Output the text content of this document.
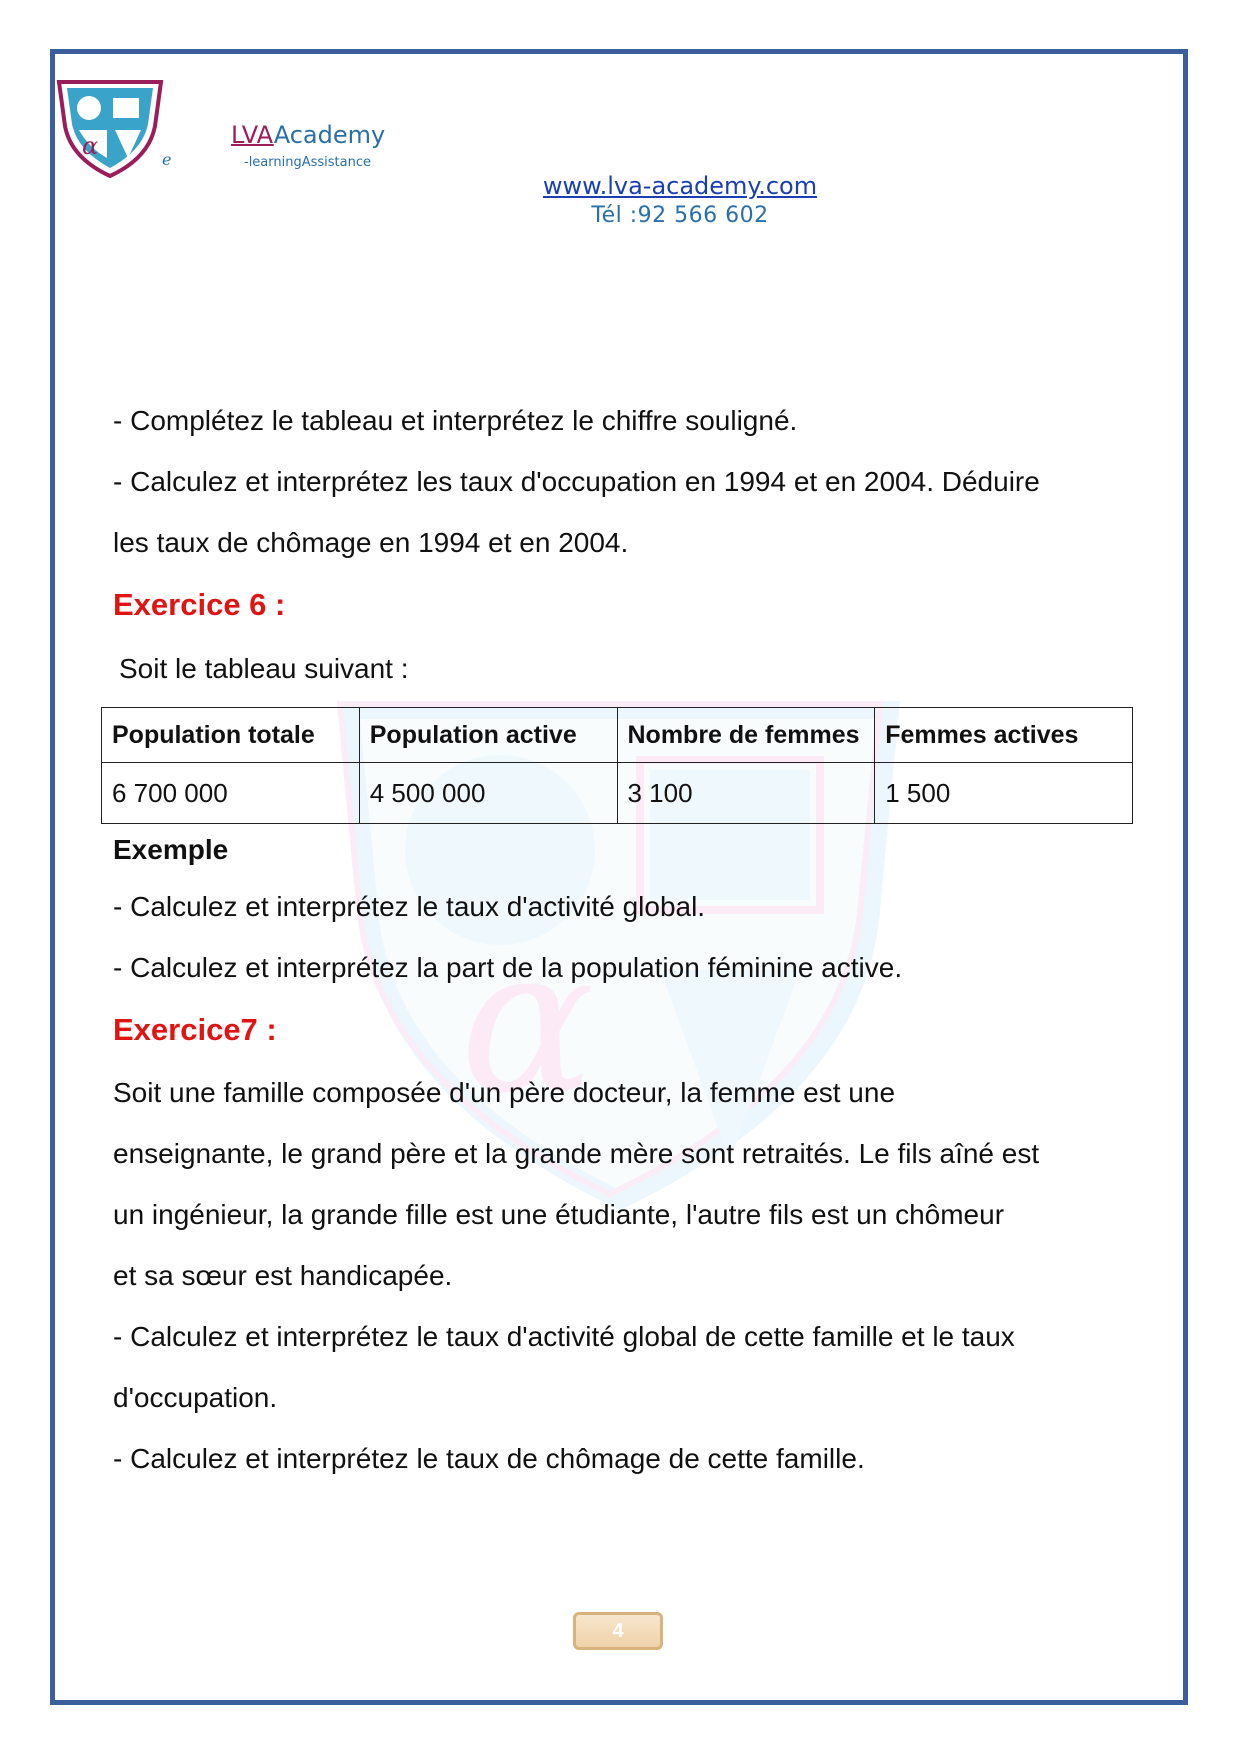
α
α	e
LVAAcademy
-learningAssistance
www.lva-academy.com
Tél :92 566 602

- Complétez le tableau et interprétez le chiffre souligné.

- Calculez et interprétez les taux d'occupation en 1994 et en 2004. Déduire

les taux de chômage en 1994 et en 2004.

Exercice 6 :

Soit le tableau suivant :

Population totale	Population active	Nombre de femmes	Femmes actives
6 700 000	4 500 000	3 100	1 500

Exemple

- Calculez et interprétez le taux d'activité global.

- Calculez et interprétez la part de la population féminine active.

Exercice7 :

Soit une famille composée d'un père docteur, la femme est une

enseignante, le grand père et la grande mère sont retraités. Le fils aîné est

un ingénieur, la grande fille est une étudiante, l'autre fils est un chômeur

et sa sœur est handicapée.

- Calculez et interprétez le taux d'activité global de cette famille et le taux

d'occupation.

- Calculez et interprétez le taux de chômage de cette famille.

4
